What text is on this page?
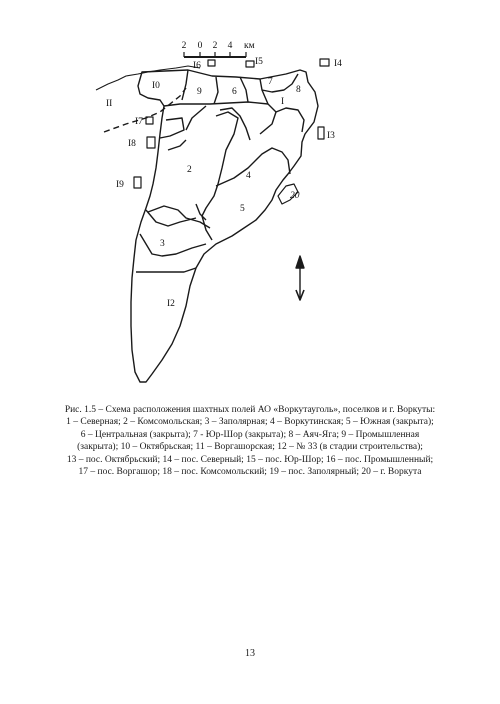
2 0 2 4 км
I
2
3
4
5
6
7
8
9
I0
II
I2
I3
I4
I5
I6
I7
I8
I9
20

Рис. 1.5 – Схема расположения шахтных полей АО «Воркутауголь», поселков и г. Воркуты:
1 – Северная; 2 – Комсомольская; 3 – Заполярная; 4 – Воркутинская; 5 – Южная (закрыта);
6 – Центральная (закрыта); 7 - Юр-Шор (закрыта); 8 – Аяч-Яга; 9 – Промышленная
(закрыта); 10 – Октябрьская; 11 – Воргашорская; 12 – № 33 (в стадии строительства);
13 – пос. Октябрьский; 14 – пос. Северный; 15 – пос. Юр-Шор; 16 – пос. Промышленный;
17 – пос. Воргашор; 18 – пос. Комсомольский; 19 – пос. Заполярный; 20 – г. Воркута

13
